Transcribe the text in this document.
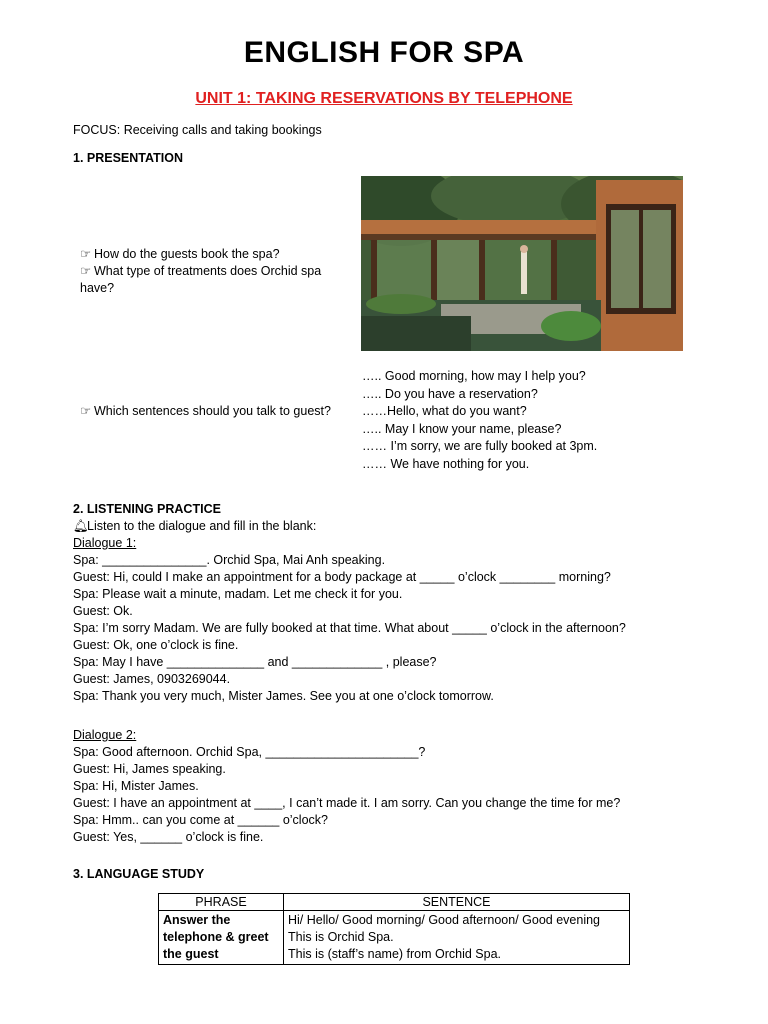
ENGLISH FOR SPA
UNIT 1: TAKING RESERVATIONS BY TELEPHONE
FOCUS: Receiving calls and taking bookings
1. PRESENTATION
☞ How do the guests book the spa?
☞ What type of treatments does Orchid spa have?
☞ Which sentences should you talk to guest?
….. Good morning, how may I help you?
….. Do you have a reservation?
……Hello, what do you want?
….. May I know your name, please?
…… I’m sorry, we are fully booked at 3pm.
…… We have nothing for you.
2. LISTENING PRACTICE
🔔︎Listen to the dialogue and fill in the blank:
Dialogue 1:
Spa: _______________. Orchid Spa, Mai Anh speaking.
Guest: Hi, could I make an appointment for a body package at _____ o’clock ________ morning?
Spa: Please wait a minute, madam. Let me check it for you.
Guest: Ok.
Spa: I’m sorry Madam. We are fully booked at that time. What about _____ o’clock in the afternoon?
Guest: Ok, one o’clock is fine.
Spa: May I have ______________ and _____________ , please?
Guest: James, 0903269044.
Spa: Thank you very much, Mister James. See you at one o’clock tomorrow.
Dialogue 2:
Spa: Good afternoon. Orchid Spa, ______________________?
Guest: Hi, James speaking.
Spa: Hi, Mister James.
Guest: I have an appointment at ____, I can’t made it. I am sorry. Can you change the time for me?
Spa: Hmm.. can you come at ______ o’clock?
Guest: Yes, ______ o’clock is fine.
3. LANGUAGE STUDY
PHRASE	SENTENCE
Answer the telephone & greet the guest	Hi/ Hello/ Good morning/ Good afternoon/ Good evening
This is Orchid Spa.
This is (staff’s name) from Orchid Spa.
